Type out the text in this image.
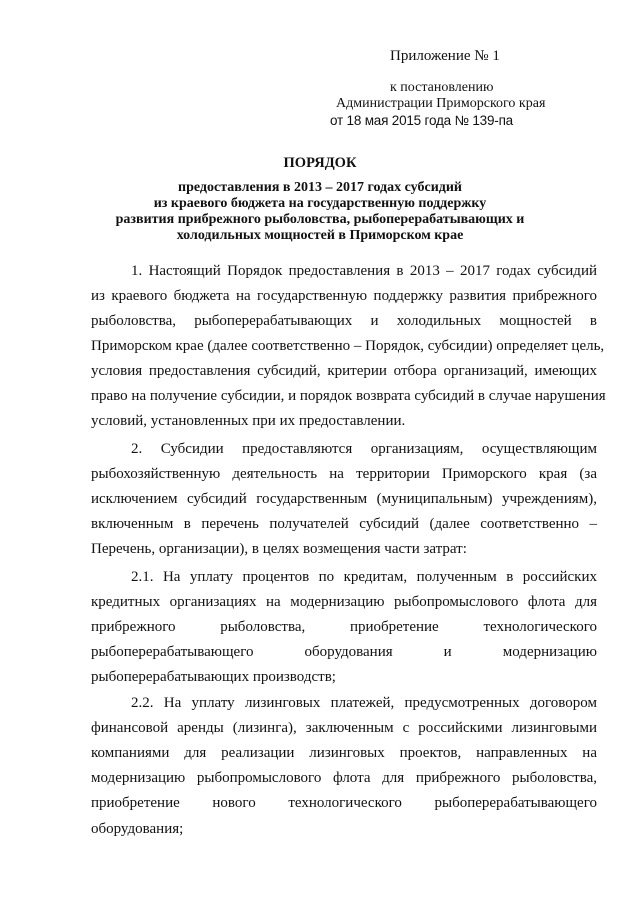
Приложение № 1
к постановлению
Администрации Приморского края
от 18 мая 2015 года № 139-па
ПОРЯДОК
предоставления в 2013 – 2017 годах субсидий
из краевого бюджета на государственную поддержку
развития прибрежного рыболовства, рыбоперерабатывающих и
холодильных мощностей в Приморском крае
1. Настоящий Порядок предоставления в 2013 – 2017 годах субсидий
из краевого бюджета на государственную поддержку развития прибрежного
рыболовства, рыбоперерабатывающих и холодильных мощностей в
Приморском крае (далее соответственно – Порядок, субсидии) определяет цель,
условия предоставления субсидий, критерии отбора организаций, имеющих
право на получение субсидии, и порядок возврата субсидий в случае нарушения
условий, установленных при их предоставлении.
2. Субсидии предоставляются организациям, осуществляющим
рыбохозяйственную деятельность на территории Приморского края (за
исключением субсидий государственным (муниципальным) учреждениям),
включенным в перечень получателей субсидий (далее соответственно –
Перечень, организации), в целях возмещения части затрат:
2.1. На уплату процентов по кредитам, полученным в российских
кредитных организациях на модернизацию рыбопромыслового флота для
прибрежного рыболовства, приобретение технологического
рыбоперерабатывающего оборудования и модернизацию
рыбоперерабатывающих производств;
2.2. На уплату лизинговых платежей, предусмотренных договором
финансовой аренды (лизинга), заключенным с российскими лизинговыми
компаниями для реализации лизинговых проектов, направленных на
модернизацию рыбопромыслового флота для прибрежного рыболовства,
приобретение нового технологического рыбоперерабатывающего
оборудования;
